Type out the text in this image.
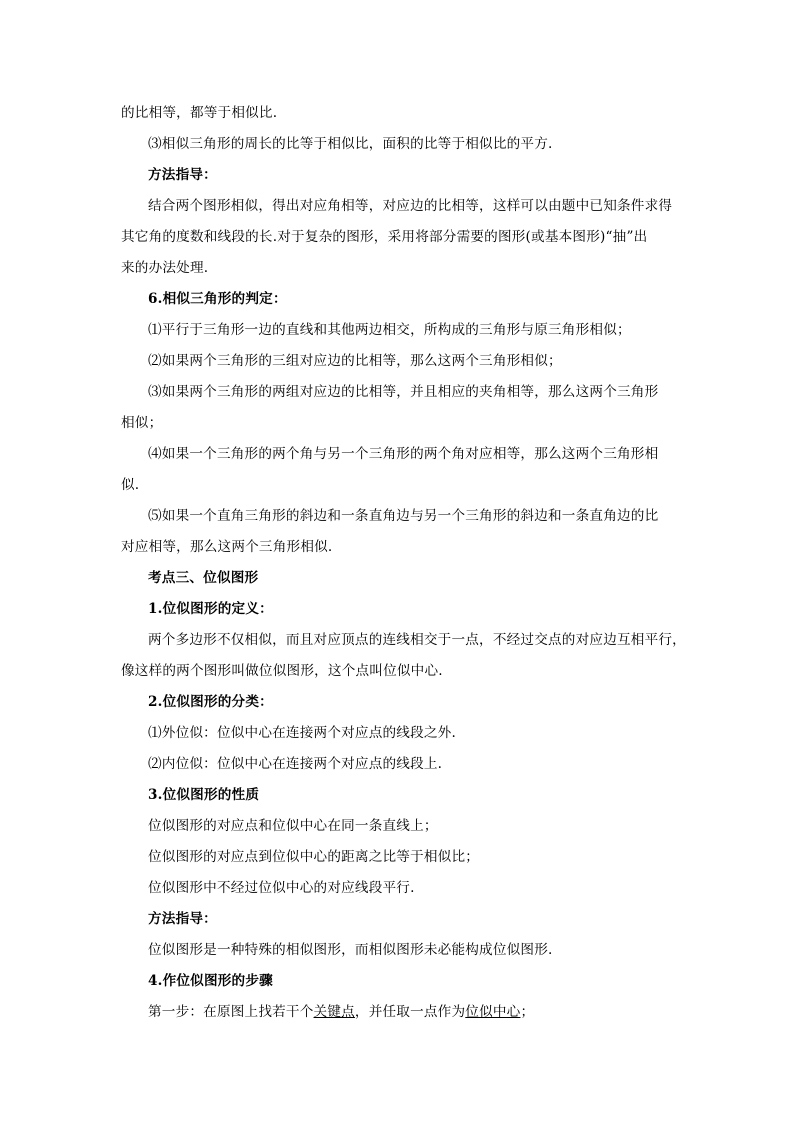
的比相等，都等于相似比.
⑶相似三角形的周长的比等于相似比，面积的比等于相似比的平方.
方法指导：
结合两个图形相似，得出对应角相等，对应边的比相等，这样可以由题中已知条件求得
其它角的度数和线段的长.对于复杂的图形，采用将部分需要的图形(或基本图形)“抽”出
来的办法处理.
6.相似三角形的判定：
⑴平行于三角形一边的直线和其他两边相交，所构成的三角形与原三角形相似；
⑵如果两个三角形的三组对应边的比相等，那么这两个三角形相似；
⑶如果两个三角形的两组对应边的比相等，并且相应的夹角相等，那么这两个三角形
相似；
⑷如果一个三角形的两个角与另一个三角形的两个角对应相等，那么这两个三角形相
似.
⑸如果一个直角三角形的斜边和一条直角边与另一个三角形的斜边和一条直角边的比
对应相等，那么这两个三角形相似.
考点三、位似图形
1.位似图形的定义：
两个多边形不仅相似，而且对应顶点的连线相交于一点，不经过交点的对应边互相平行，
像这样的两个图形叫做位似图形，这个点叫位似中心.
2.位似图形的分类：
⑴外位似：位似中心在连接两个对应点的线段之外.
⑵内位似：位似中心在连接两个对应点的线段上.
3.位似图形的性质
位似图形的对应点和位似中心在同一条直线上；
位似图形的对应点到位似中心的距离之比等于相似比；
位似图形中不经过位似中心的对应线段平行.
方法指导：
位似图形是一种特殊的相似图形，而相似图形未必能构成位似图形.
4.作位似图形的步骤
第一步：在原图上找若干个关键点，并任取一点作为位似中心；
